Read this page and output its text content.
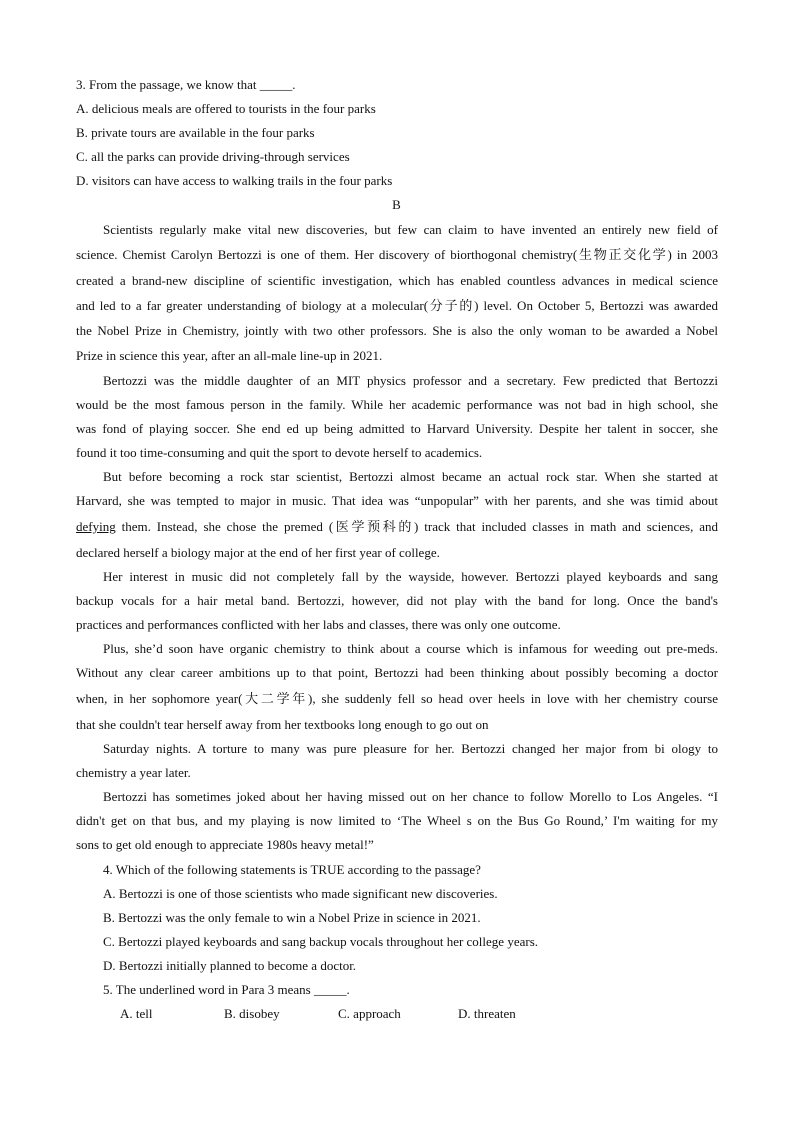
3. From the passage, we know that _____.
A. delicious meals are offered to tourists in the four parks
B. private tours are available in the four parks
C. all the parks can provide driving-through services
D. visitors can have access to walking trails in the four parks
B
Scientists regularly make vital new discoveries, but few can claim to have invented an entirely new field of
science. Chemist Carolyn Bertozzi is one of them. Her discovery of biorthogonal chemistry(生物正交化学) in 2003
created a brand-new discipline of scientific investigation, which has enabled countless advances in medical science
and led to a far greater understanding of biology at a molecular(分子的) level. On October 5, Bertozzi was awarded
the Nobel Prize in Chemistry, jointly with two other professors. She is also the only woman to be awarded a Nobel
Prize in science this year, after an all-male line-up in 2021.
Bertozzi was the middle daughter of an MIT physics professor and a secretary. Few predicted that Bertozzi
would be the most famous person in the family. While her academic performance was not bad in high school, she
was fond of playing soccer. She end ed up being admitted to Harvard University. Despite her talent in soccer, she
found it too time-consuming and quit the sport to devote herself to academics.
But before becoming a rock star scientist, Bertozzi almost became an actual rock star. When she started at
Harvard, she was tempted to major in music. That idea was “unpopular” with her parents, and she was timid about
defying them. Instead, she chose the premed (医学预科的) track that included classes in math and sciences, and
declared herself a biology major at the end of her first year of college.
Her interest in music did not completely fall by the wayside, however. Bertozzi played keyboards and sang
backup vocals for a hair metal band. Bertozzi, however, did not play with the band for long. Once the band's
practices and performances conflicted with her labs and classes, there was only one outcome.
Plus, she’d soon have organic chemistry to think about a course which is infamous for weeding out pre-meds.
Without any clear career ambitions up to that point, Bertozzi had been thinking about possibly becoming a doctor
when, in her sophomore year(大二学年), she suddenly fell so head over heels in love with her chemistry course
that she couldn't tear herself away from her textbooks long enough to go out on
Saturday nights. A torture to many was pure pleasure for her. Bertozzi changed her major from bi ology to
chemistry a year later.
Bertozzi has sometimes joked about her having missed out on her chance to follow Morello to Los Angeles. “I
didn't get on that bus, and my playing is now limited to ‘The Wheel s on the Bus Go Round,’ I'm waiting for my
sons to get old enough to appreciate 1980s heavy metal!”
4. Which of the following statements is TRUE according to the passage?
A. Bertozzi is one of those scientists who made significant new discoveries.
B. Bertozzi was the only female to win a Nobel Prize in science in 2021.
C. Bertozzi played keyboards and sang backup vocals throughout her college years.
D. Bertozzi initially planned to become a doctor.
5. The underlined word in Para 3 means _____.
A. tell	B. disobey	C. approach	D. threaten
